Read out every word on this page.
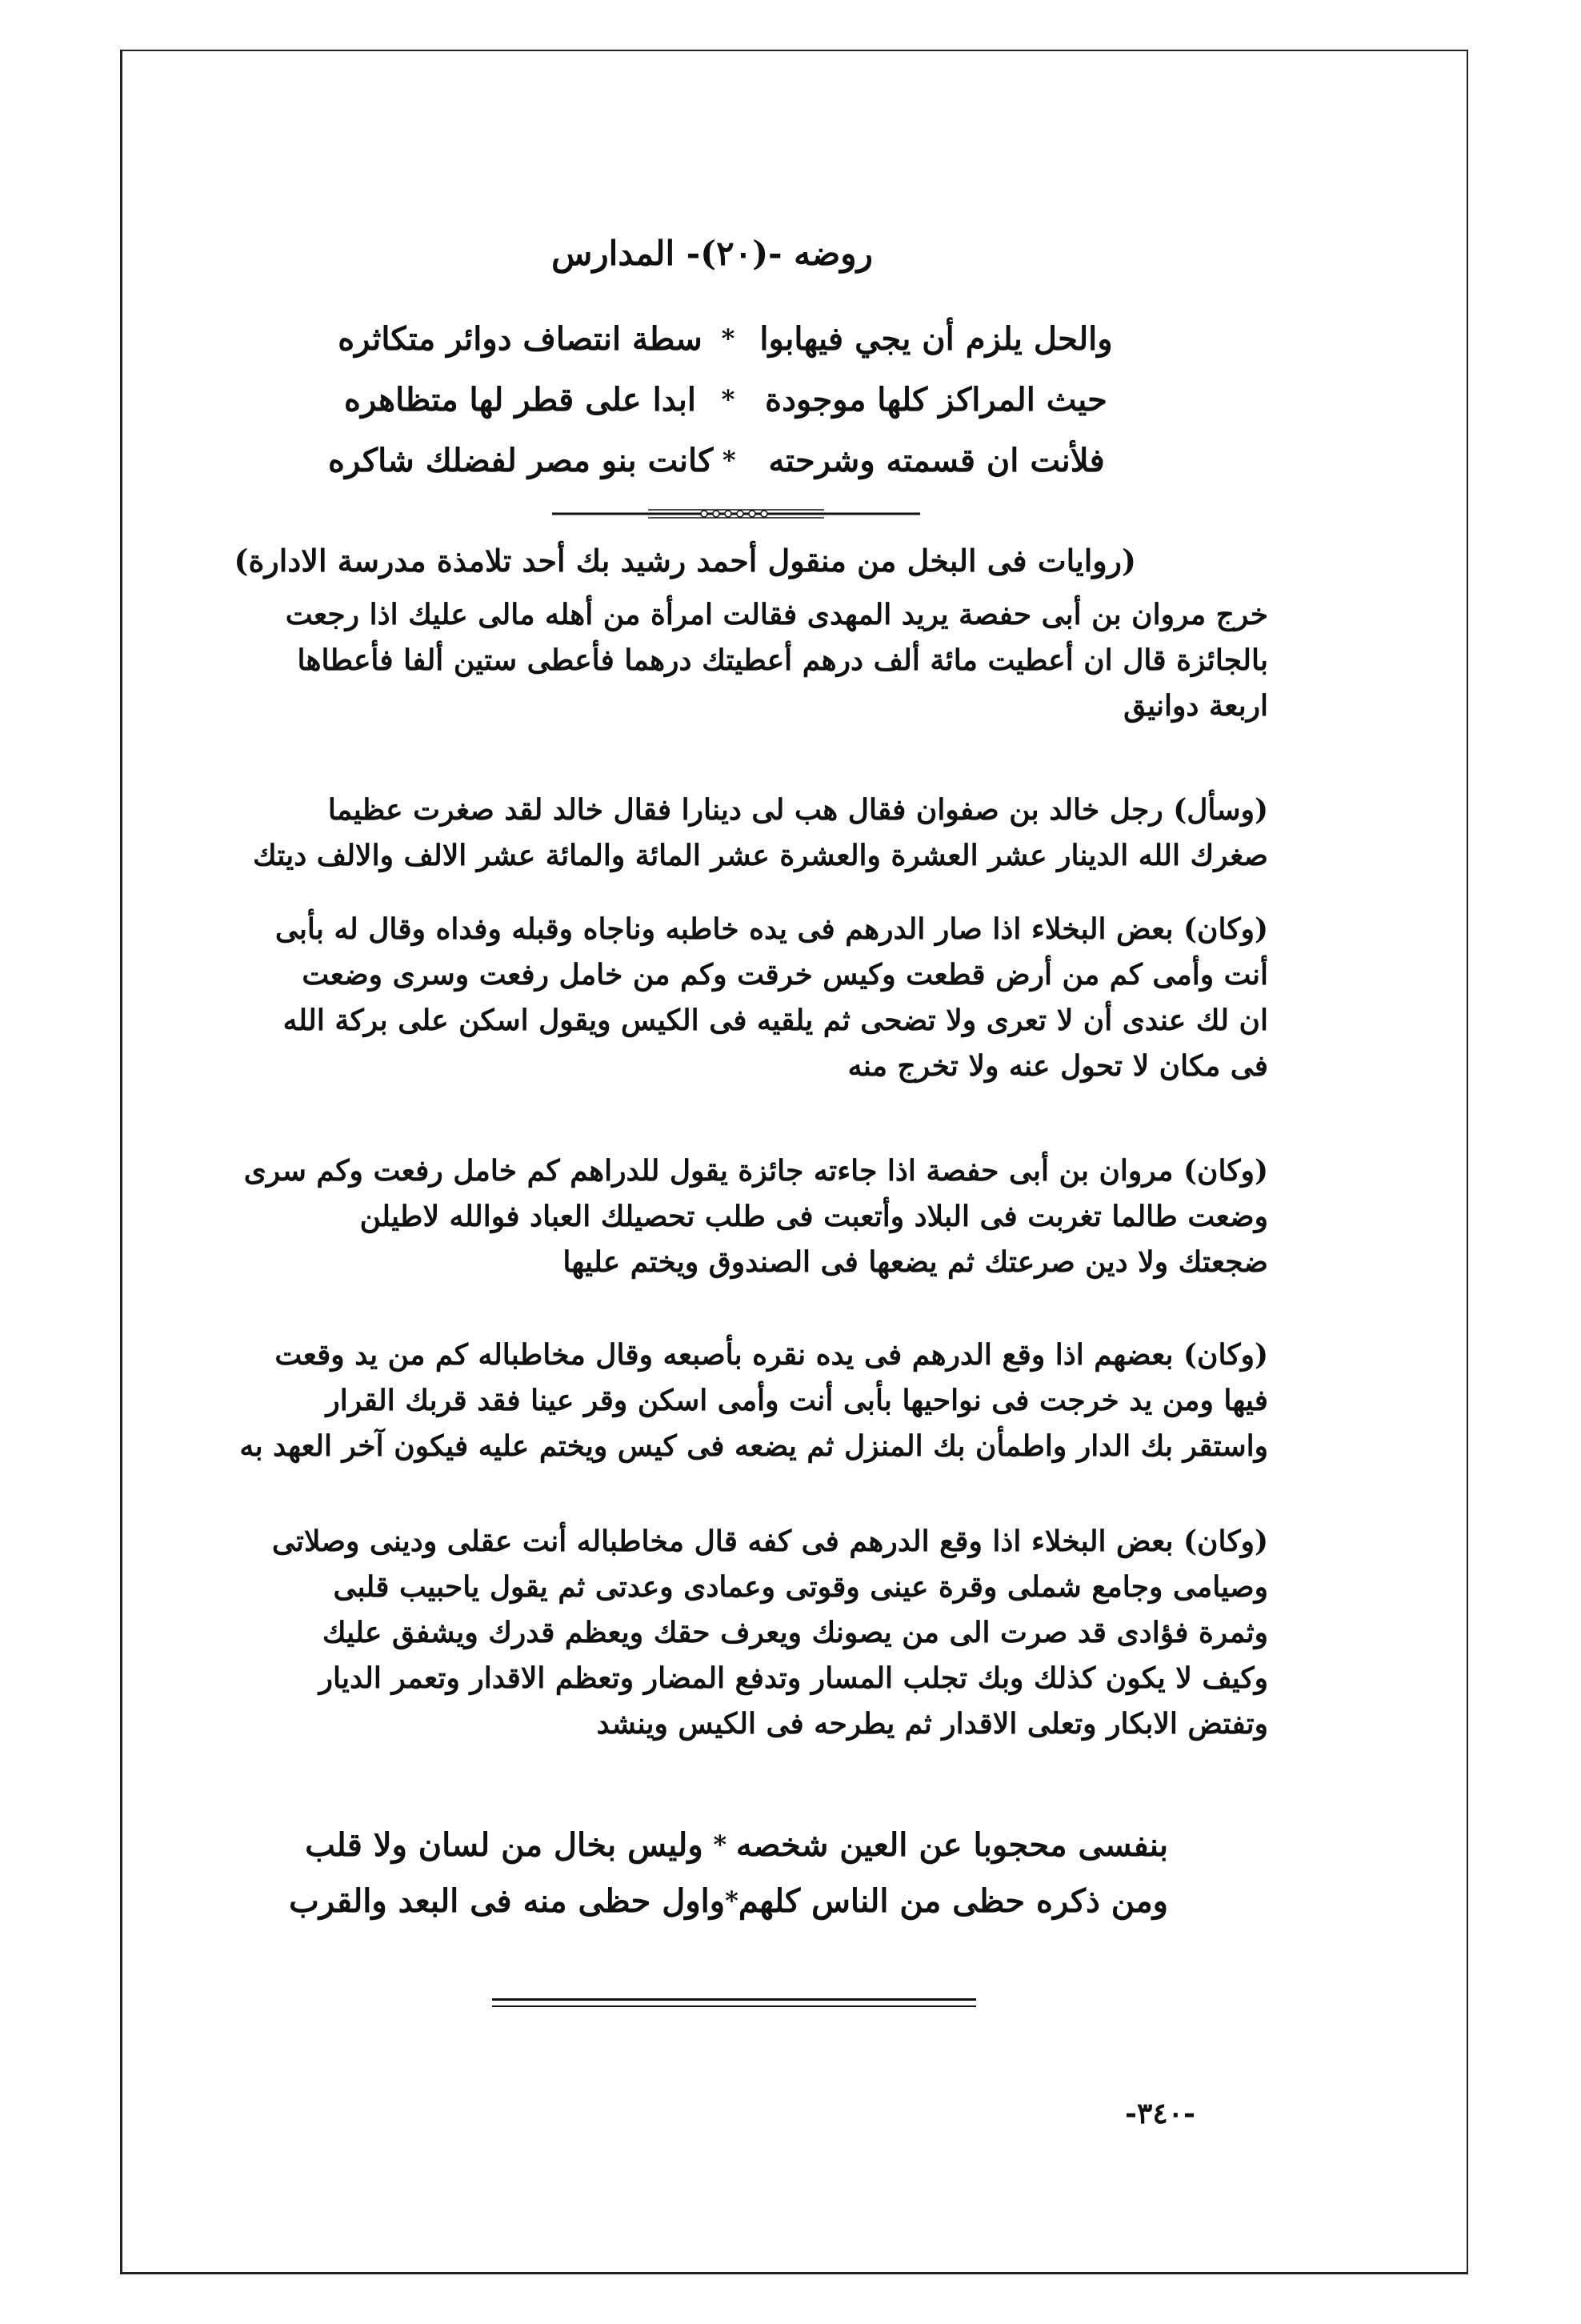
روضه -(٢٠)- المدارس
والحل يلزم أن يجي فيهابوا
*
سطة انتصاف دوائر متكاثره
حيث المراكز كلها موجودة
*
ابدا على قطر لها متظاهره
فلأنت ان قسمته وشرحته
*
كانت بنو مصر لفضلك شاكره
(روايات فى البخل من منقول أحمد رشيد بك أحد تلامذة مدرسة الادارة)
خرج مروان بن أبى حفصة يريد المهدى فقالت امرأة من أهله مالى عليك اذا رجعت
بالجائزة قال ان أعطيت مائة ألف درهم أعطيتك درهما فأعطى ستين ألفا فأعطاها
اربعة دوانيق
(وسأل) رجل خالد بن صفوان فقال هب لى دينارا فقال خالد لقد صغرت عظيما
صغرك الله الدينار عشر العشرة والعشرة عشر المائة والمائة عشر الالف والالف ديتك
(وكان) بعض البخلاء اذا صار الدرهم فى يده خاطبه وناجاه وقبله وفداه وقال له بأبى
أنت وأمى كم من أرض قطعت وكيس خرقت وكم من خامل رفعت وسرى وضعت
ان لك عندى أن لا تعرى ولا تضحى ثم يلقيه فى الكيس ويقول اسكن على بركة الله
فى مكان لا تحول عنه ولا تخرج منه
(وكان) مروان بن أبى حفصة اذا جاءته جائزة يقول للدراهم كم خامل رفعت وكم سرى
وضعت طالما تغربت فى البلاد وأتعبت فى طلب تحصيلك العباد فوالله لاطيلن
ضجعتك ولا دين صرعتك ثم يضعها فى الصندوق ويختم عليها
(وكان) بعضهم اذا وقع الدرهم فى يده نقره بأصبعه وقال مخاطباله كم من يد وقعت
فيها ومن يد خرجت فى نواحيها بأبى أنت وأمى اسكن وقر عينا فقد قربك القرار
واستقر بك الدار واطمأن بك المنزل ثم يضعه فى كيس ويختم عليه فيكون آخر العهد به
(وكان) بعض البخلاء اذا وقع الدرهم فى كفه قال مخاطباله أنت عقلى ودينى وصلاتى
وصيامى وجامع شملى وقرة عينى وقوتى وعمادى وعدتى ثم يقول ياحبيب قلبى
وثمرة فؤادى قد صرت الى من يصونك ويعرف حقك ويعظم قدرك ويشفق عليك
وكيف لا يكون كذلك وبك تجلب المسار وتدفع المضار وتعظم الاقدار وتعمر الديار
وتفتض الابكار وتعلى الاقدار ثم يطرحه فى الكيس وينشد
بنفسى محجوبا عن العين شخصه
*
وليس بخال من لسان ولا قلب
ومن ذكره حظى من الناس كلهم
*
واول حظى منه فى البعد والقرب
-٣٤٠-
